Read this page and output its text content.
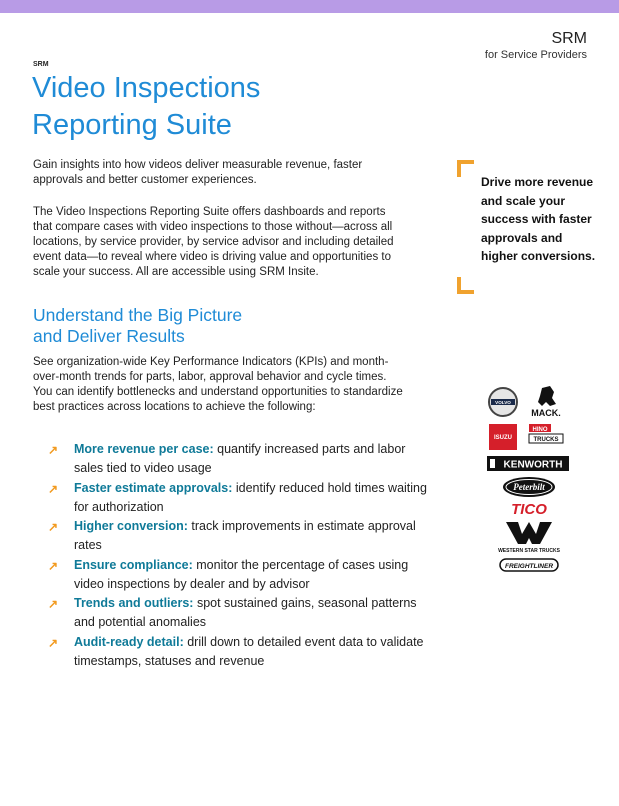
SRM
for Service Providers
SRM
Video Inspections
Reporting Suite

Gain insights into how videos deliver measurable revenue, faster approvals and better customer experiences.

The Video Inspections Reporting Suite offers dashboards and reports that compare cases with video inspections to those without—across all locations, by service provider, by service advisor and including detailed event data—to reveal where video is driving value and opportunities to scale your success. All are accessible using SRM Insite.

Understand the Big Picture
and Deliver Results

See organization-wide Key Performance Indicators (KPIs) and month-over-month trends for parts, labor, approval behavior and cycle times. You can identify bottlenecks and understand opportunities to standardize best practices across locations to achieve the following:

↗ More revenue per case: quantify increased parts and labor sales tied to video usage
↗ Faster estimate approvals: identify reduced hold times waiting for authorization
↗ Higher conversion: track improvements in estimate approval rates
↗ Ensure compliance: monitor the percentage of cases using video inspections by dealer and by advisor
↗ Trends and outliers: spot sustained gains, seasonal patterns and potential anomalies
↗ Audit-ready detail: drill down to detailed event data to validate timestamps, statuses and revenue

Drive more revenue and scale your success with faster approvals and higher conversions.

VOLVO
MACK.
ISUZU
HINO
TRUCKS
KENWORTH
Peterbilt
TICO
WESTERN STAR TRUCKS
FREIGHTLINER
